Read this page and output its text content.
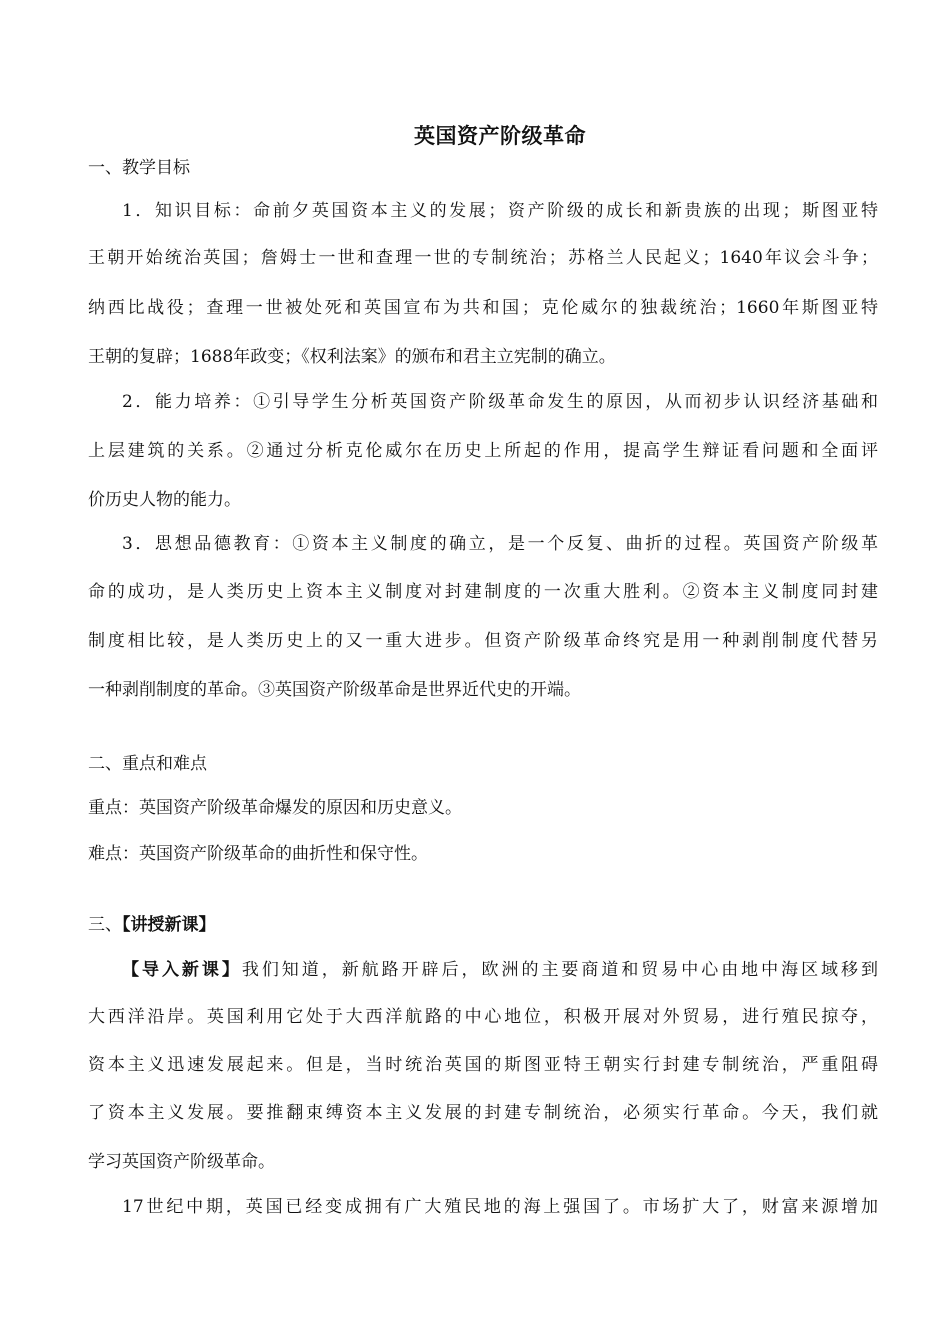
英国资产阶级革命
一、教学目标
1．知识目标：命前夕英国资本主义的发展；资产阶级的成长和新贵族的出现；斯图亚特
王朝开始统治英国；詹姆士一世和查理一世的专制统治；苏格兰人民起义；1640年议会斗争；
纳西比战役；查理一世被处死和英国宣布为共和国；克伦威尔的独裁统治；1660年斯图亚特
王朝的复辟；1688年政变；《权利法案》的颁布和君主立宪制的确立。
2．能力培养：①引导学生分析英国资产阶级革命发生的原因，从而初步认识经济基础和
上层建筑的关系。②通过分析克伦威尔在历史上所起的作用，提高学生辩证看问题和全面评
价历史人物的能力。
3．思想品德教育：①资本主义制度的确立，是一个反复、曲折的过程。英国资产阶级革
命的成功，是人类历史上资本主义制度对封建制度的一次重大胜利。②资本主义制度同封建
制度相比较，是人类历史上的又一重大进步。但资产阶级革命终究是用一种剥削制度代替另
一种剥削制度的革命。③英国资产阶级革命是世界近代史的开端。
二、重点和难点
重点：英国资产阶级革命爆发的原因和历史意义。
难点：英国资产阶级革命的曲折性和保守性。
三、【讲授新课】
【导入新课】我们知道，新航路开辟后，欧洲的主要商道和贸易中心由地中海区域移到
大西洋沿岸。英国利用它处于大西洋航路的中心地位，积极开展对外贸易，进行殖民掠夺，
资本主义迅速发展起来。但是，当时统治英国的斯图亚特王朝实行封建专制统治，严重阻碍
了资本主义发展。要推翻束缚资本主义发展的封建专制统治，必须实行革命。今天，我们就
学习英国资产阶级革命。
17世纪中期，英国已经变成拥有广大殖民地的海上强国了。市场扩大了，财富来源增加
